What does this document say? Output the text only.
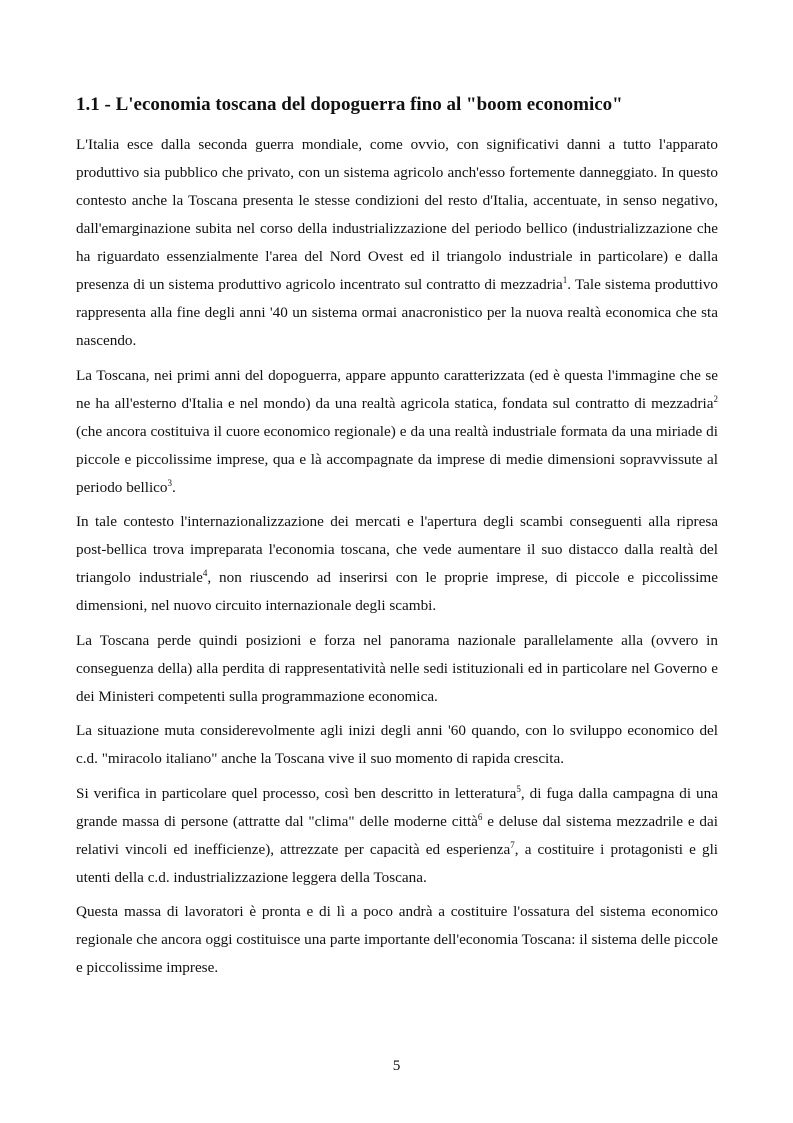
1.1 - L'economia toscana del dopoguerra fino al "boom economico"

L'Italia esce dalla seconda guerra mondiale, come ovvio, con significativi danni a tutto l'apparato produttivo sia pubblico che privato, con un sistema agricolo anch'esso fortemente danneggiato. In questo contesto anche la Toscana presenta le stesse condizioni del resto d'Italia, accentuate, in senso negativo, dall'emarginazione subita nel corso della industrializzazione del periodo bellico (industrializzazione che ha riguardato essenzialmente l'area del Nord Ovest ed il triangolo industriale in particolare) e dalla presenza di un sistema produttivo agricolo incentrato sul contratto di mezzadria$^1$. Tale sistema produttivo rappresenta alla fine degli anni '40 un sistema ormai anacronistico per la nuova realtà economica che sta nascendo.

La Toscana, nei primi anni del dopoguerra, appare appunto caratterizzata (ed è questa l'immagine che se ne ha all'esterno d'Italia e nel mondo) da una realtà agricola statica, fondata sul contratto di mezzadria$^2$ (che ancora costituiva il cuore economico regionale) e da una realtà industriale formata da una miriade di piccole e piccolissime imprese, qua e là accompagnate da imprese di medie dimensioni sopravvissute al periodo bellico$^3$.

In tale contesto l'internazionalizzazione dei mercati e l'apertura degli scambi conseguenti alla ripresa post-bellica trova impreparata l'economia toscana, che vede aumentare il suo distacco dalla realtà del triangolo industriale$^4$, non riuscendo ad inserirsi con le proprie imprese, di piccole e piccolissime dimensioni, nel nuovo circuito internazionale degli scambi.

La Toscana perde quindi posizioni e forza nel panorama nazionale parallelamente alla (ovvero in conseguenza della) alla perdita di rappresentatività nelle sedi istituzionali ed in particolare nel Governo e dei Ministeri competenti sulla programmazione economica.

La situazione muta considerevolmente agli inizi degli anni '60 quando, con lo sviluppo economico del c.d. "miracolo italiano" anche la Toscana vive il suo momento di rapida crescita.

Si verifica in particolare quel processo, così ben descritto in letteratura$^5$, di fuga dalla campagna di una grande massa di persone (attratte dal "clima" delle moderne città$^6$ e deluse dal sistema mezzadrile e dai relativi vincoli ed inefficienze), attrezzate per capacità ed esperienza$^7$, a costituire i protagonisti e gli utenti della c.d. industrializzazione leggera della Toscana.

Questa massa di lavoratori è pronta e di lì a poco andrà a costituire l'ossatura del sistema economico regionale che ancora oggi costituisce una parte importante dell'economia Toscana: il sistema delle piccole e piccolissime imprese.

5
